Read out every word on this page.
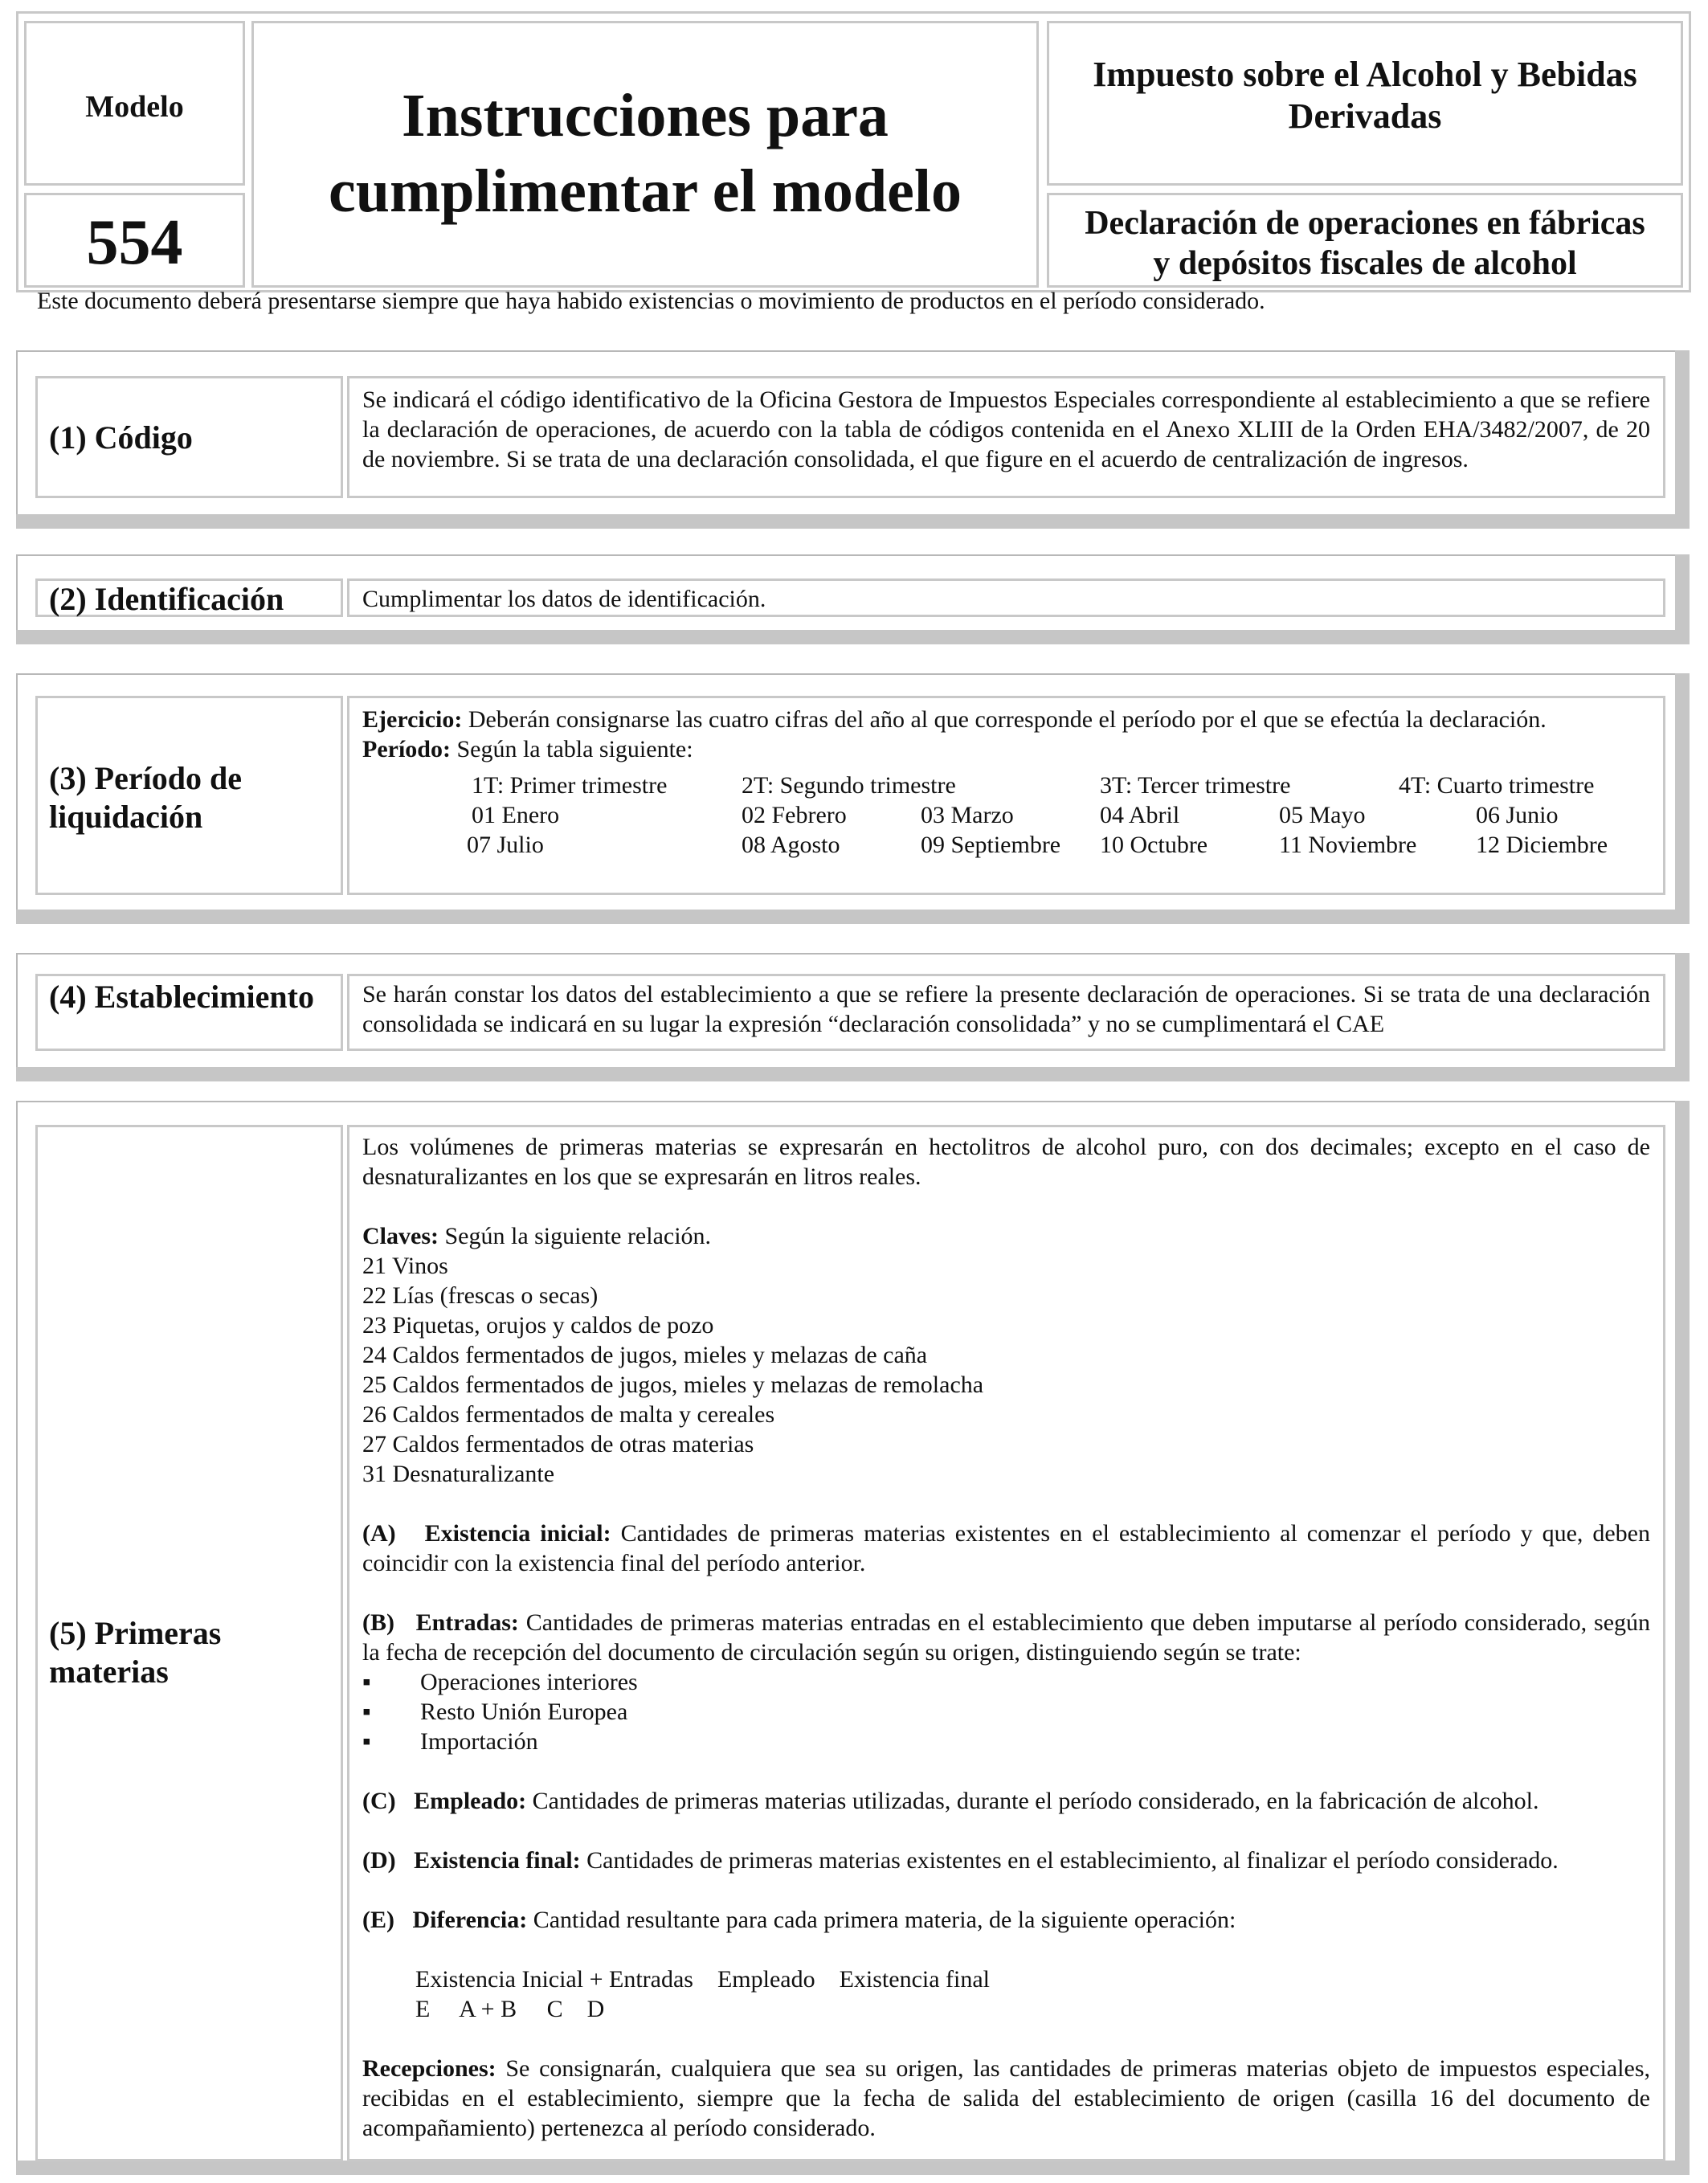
Modelo
554
Instrucciones para
cumplimentar el modelo
Impuesto sobre el Alcohol y Bebidas
Derivadas
Declaración de operaciones en fábricas
y depósitos fiscales de alcohol
Este documento deberá presentarse siempre que haya habido existencias o movimiento de productos en el período considerado.
(1) Código
Se indicará el código identificativo de la Oficina Gestora de Impuestos Especiales correspondiente al establecimiento a que se refiere la declaración de operaciones, de acuerdo con la tabla de códigos contenida en el Anexo XLIII de la Orden EHA/3482/2007, de 20 de noviembre. Si se trata de una declaración consolidada, el que figure en el acuerdo de centralización de ingresos.
(2) Identificación	Cumplimentar los datos de identificación.
(3) Período de
liquidación
Ejercicio: Deberán consignarse las cuatro cifras del año al que corresponde el período por el que se efectúa la declaración.
Período: Según la tabla siguiente:
1T: Primer trimestre	2T: Segundo trimestre	3T: Tercer trimestre	4T: Cuarto trimestre
01 Enero	02 Febrero	03 Marzo	04 Abril	05 Mayo	06 Junio
07 Julio	08 Agosto	09 Septiembre 10 Octubre	11 Noviembre 12 Diciembre
(4) Establecimiento Se harán constar los datos del establecimiento a que se refiere la presente declaración de operaciones. Si se trata de una declaración consolidada se indicará en su lugar la expresión “declaración consolidada” y no se cumplimentará el CAE
(5) Primeras
materias
Los volúmenes de primeras materias se expresarán en hectolitros de alcohol puro, con dos decimales; excepto en el caso de desnaturalizantes en los que se expresarán en litros reales.
Claves: Según la siguiente relación.
21 Vinos
22 Lías (frescas o secas)
23 Piquetas, orujos y caldos de pozo
24 Caldos fermentados de jugos, mieles y melazas de caña
25 Caldos fermentados de jugos, mieles y melazas de remolacha
26 Caldos fermentados de malta y cereales
27 Caldos fermentados de otras materias
31 Desnaturalizante
(A) Existencia inicial: Cantidades de primeras materias existentes en el establecimiento al comenzar el período y que, deben coincidir con la existencia final del período anterior.
(B) Entradas: Cantidades de primeras materias entradas en el establecimiento que deben imputarse al período considerado, según la fecha de recepción del documento de circulación según su origen, distinguiendo según se trate:
▪	Operaciones interiores
▪	Resto Unión Europea
▪	Importación
(C) Empleado: Cantidades de primeras materias utilizadas, durante el período considerado, en la fabricación de alcohol.
(D) Existencia final: Cantidades de primeras materias existentes en el establecimiento, al finalizar el período considerado.
(E) Diferencia: Cantidad resultante para cada primera materia, de la siguiente operación:
Existencia Inicial + Entradas    Empleado    Existencia final
E     A + B     C    D
Recepciones: Se consignarán, cualquiera que sea su origen, las cantidades de primeras materias objeto de impuestos especiales, recibidas en el establecimiento, siempre que la fecha de salida del establecimiento de origen (casilla 16 del documento de acompañamiento) pertenezca al período considerado.
